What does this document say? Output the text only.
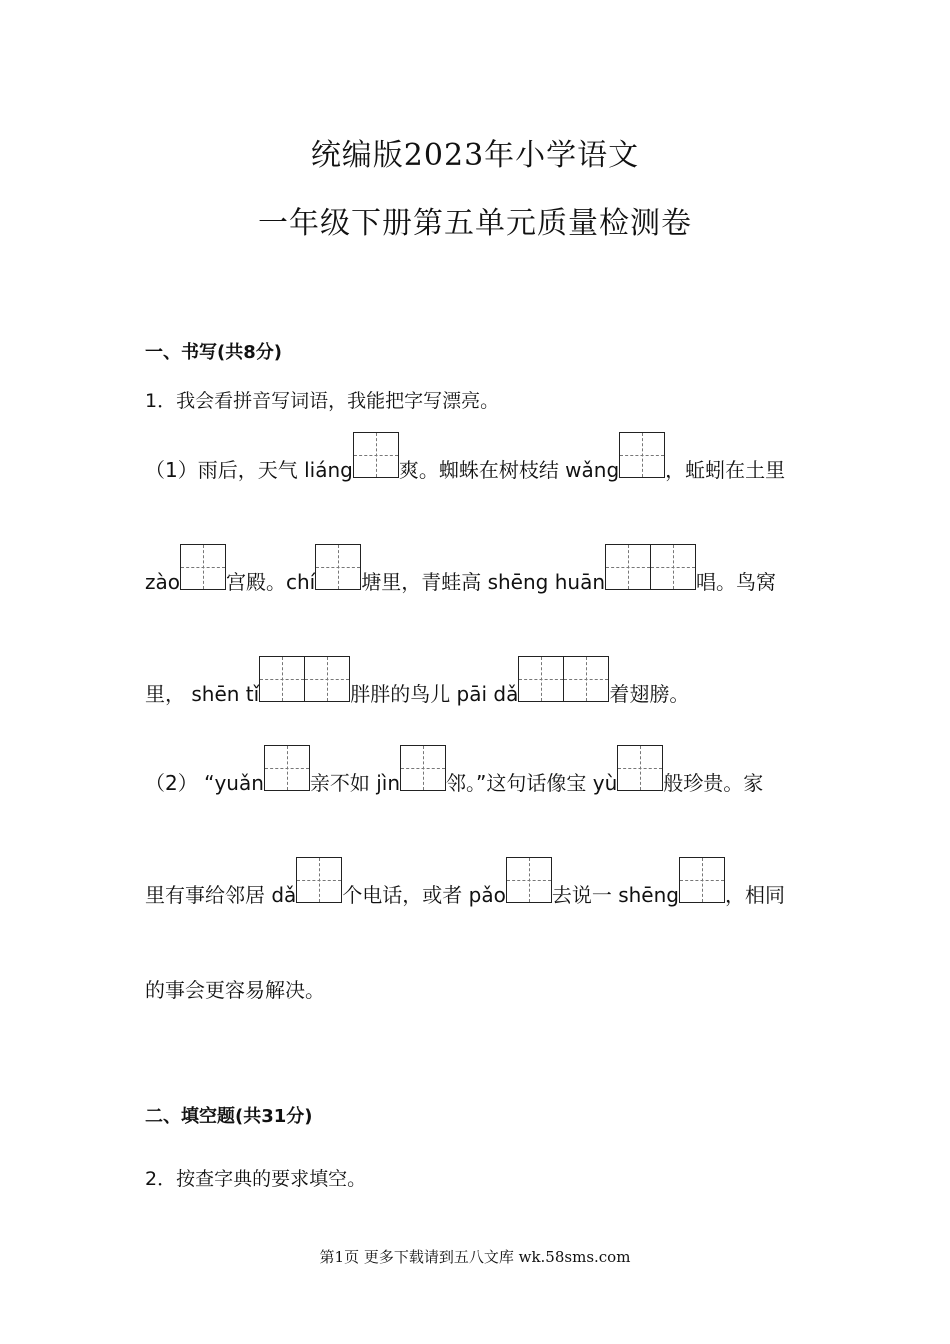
统编版2023年小学语文
一年级下册第五单元质量检测卷
一、书写(共8分)
1．我会看拼音写词语，我能把字写漂亮。
（1）雨后，天气 liáng 爽。蜘蛛在树枝结 wǎng ，蚯蚓在土里
zào 宫殿。chí 塘里，青蛙高 shēng huān	唱。鸟窝
里， shēn tǐ	胖胖的鸟儿 pāi dǎ	着翅膀。
（2） “yuǎn 亲不如 jìn 邻。”这句话像宝 yù 般珍贵。家
里有事给邻居 dǎ 个电话，或者 pǎo 去说一 shēng ，相同
的事会更容易解决。
二、填空题(共31分)
2．按查字典的要求填空。
第1页 更多下载请到五八文库 wk.58sms.com
